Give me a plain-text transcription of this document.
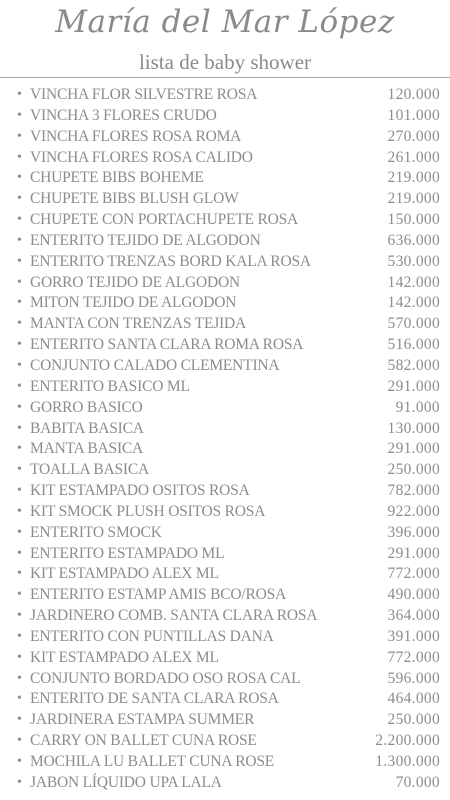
María del Mar López
lista de baby shower
• VINCHA FLOR SILVESTRE ROSA	120.000
• VINCHA 3 FLORES CRUDO	101.000
• VINCHA FLORES ROSA ROMA	270.000
• VINCHA FLORES ROSA CALIDO	261.000
• CHUPETE BIBS BOHEME	219.000
• CHUPETE BIBS BLUSH GLOW	219.000
• CHUPETE CON PORTACHUPETE ROSA	150.000
• ENTERITO TEJIDO DE ALGODON	636.000
• ENTERITO TRENZAS BORD KALA ROSA	530.000
• GORRO TEJIDO DE ALGODON	142.000
• MITON TEJIDO DE ALGODON	142.000
• MANTA CON TRENZAS TEJIDA	570.000
• ENTERITO SANTA CLARA ROMA ROSA	516.000
• CONJUNTO CALADO CLEMENTINA	582.000
• ENTERITO BASICO ML	291.000
• GORRO BASICO	91.000
• BABITA BASICA	130.000
• MANTA BASICA	291.000
• TOALLA BASICA	250.000
• KIT ESTAMPADO OSITOS ROSA	782.000
• KIT SMOCK PLUSH OSITOS ROSA	922.000
• ENTERITO SMOCK	396.000
• ENTERITO ESTAMPADO ML	291.000
• KIT ESTAMPADO ALEX ML	772.000
• ENTERITO ESTAMP AMIS BCO/ROSA	490.000
• JARDINERO COMB. SANTA CLARA ROSA	364.000
• ENTERITO CON PUNTILLAS DANA	391.000
• KIT ESTAMPADO ALEX ML	772.000
• CONJUNTO BORDADO OSO ROSA CAL	596.000
• ENTERITO DE SANTA CLARA ROSA	464.000
• JARDINERA ESTAMPA SUMMER	250.000
• CARRY ON BALLET CUNA ROSE	2.200.000
• MOCHILA LU BALLET CUNA ROSE	1.300.000
• JABON LÍQUIDO UPA LALA	70.000
